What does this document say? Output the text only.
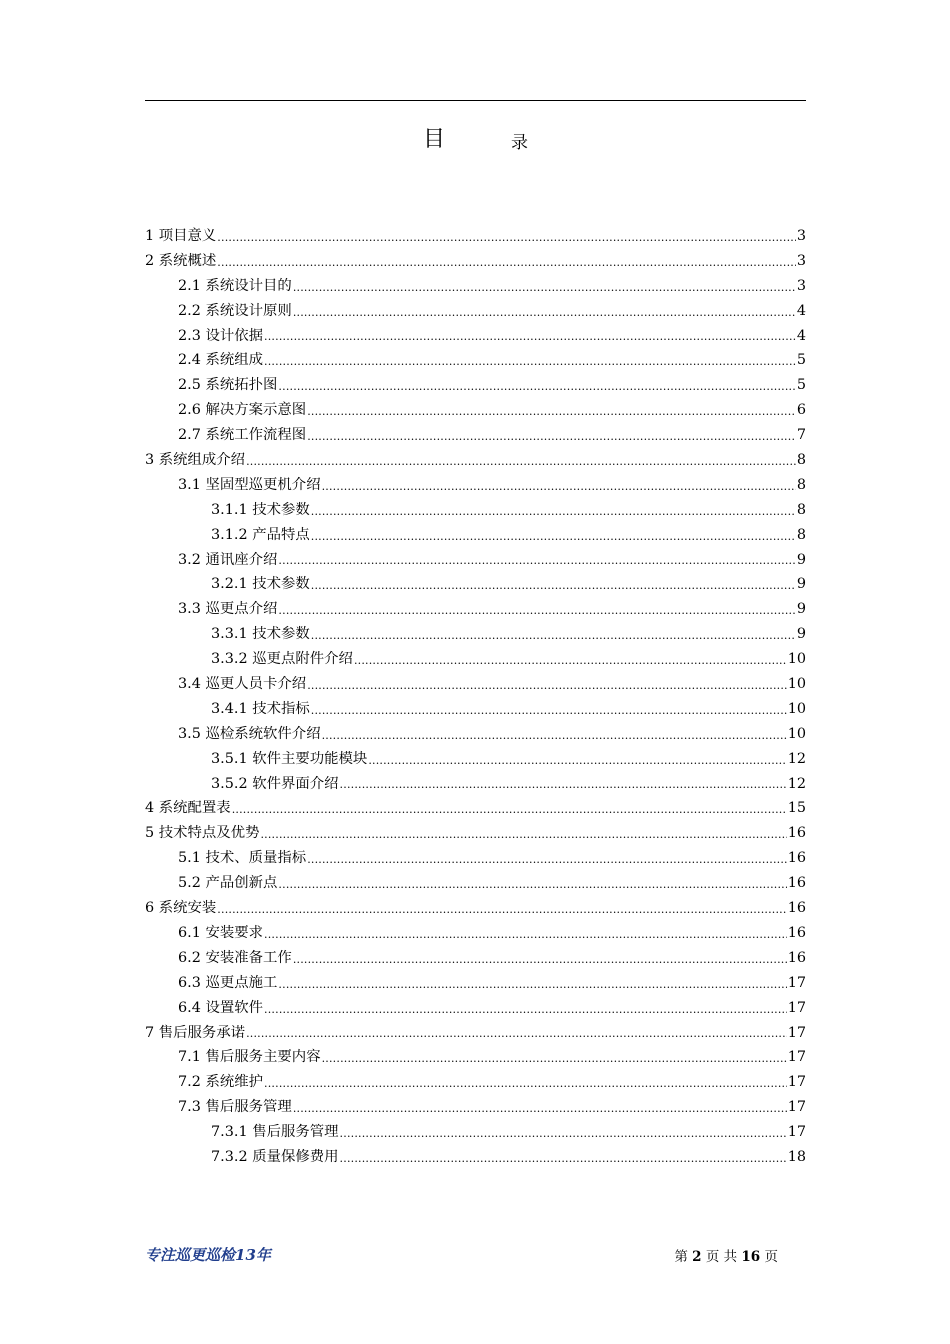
目	录
1 项目意义 .....	3
2 系统概述 .....	3
2.1 系统设计目的 .....	3
2.2 系统设计原则 .....	4
2.3 设计依据 .....	4
2.4 系统组成 .....	5
2.5 系统拓扑图 .....	5
2.6 解决方案示意图 .....	6
2.7 系统工作流程图 .....	7
3 系统组成介绍 .....	8
3.1 坚固型巡更机介绍 .....	8
3.1.1 技术参数 .....	8
3.1.2 产品特点 .....	8
3.2 通讯座介绍 .....	9
3.2.1 技术参数 .....	9
3.3 巡更点介绍 .....	9
3.3.1 技术参数 .....	9
3.3.2 巡更点附件介绍 .....	10
3.4 巡更人员卡介绍 .....	10
3.4.1 技术指标 .....	10
3.5 巡检系统软件介绍 .....	10
3.5.1 软件主要功能模块 .....	12
3.5.2 软件界面介绍 .....	12
4 系统配置表 .....	15
5 技术特点及优势 .....	16
5.1 技术、质量指标 .....	16
5.2 产品创新点 .....	16
6 系统安装 .....	16
6.1 安装要求 .....	16
6.2 安装准备工作 .....	16
6.3 巡更点施工 .....	17
6.4 设置软件 .....	17
7 售后服务承诺 .....	17
7.1 售后服务主要内容 .....	17
7.2 系统维护 .....	17
7.3 售后服务管理 .....	17
7.3.1 售后服务管理 .....	17
7.3.2 质量保修费用 .....	18
专注巡更巡检13年	第 2 页 共 16 页
